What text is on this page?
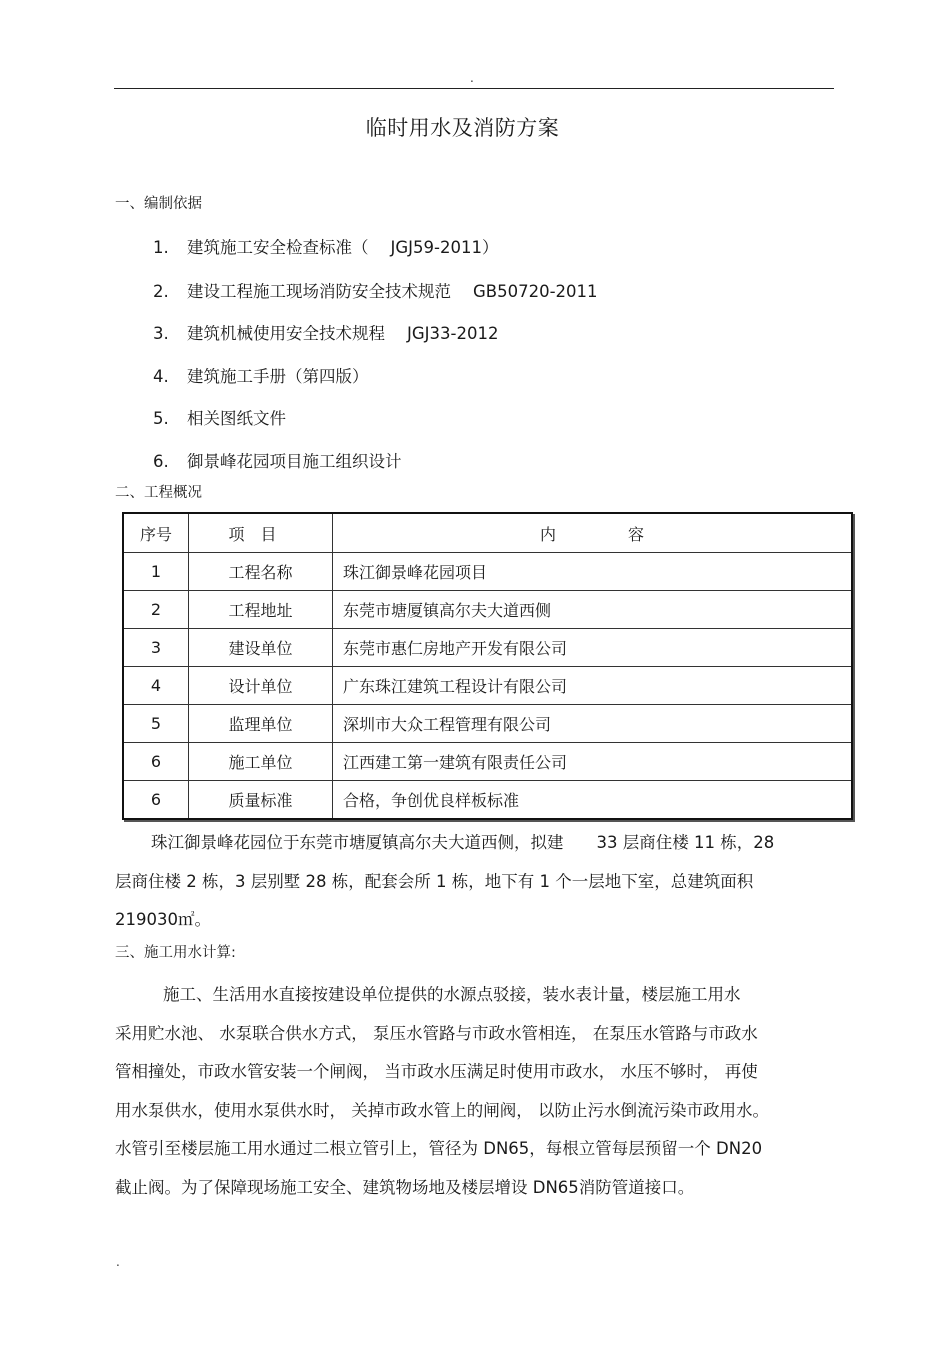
.
临时用水及消防方案
一、编制依据
1. 建筑施工安全检查标准（ JGJ59-2011）
2. 建设工程施工现场消防安全技术规范 GB50720-2011
3. 建筑机械使用安全技术规程 JGJ33-2012
4. 建筑施工手册（第四版）
5. 相关图纸文件
6. 御景峰花园项目施工组织设计
二、工程概况
序号	项目	内容
1	工程名称	珠江御景峰花园项目
2	工程地址	东莞市塘厦镇高尔夫大道西侧
3	建设单位	东莞市惠仁房地产开发有限公司
4	设计单位	广东珠江建筑工程设计有限公司
5	监理单位	深圳市大众工程管理有限公司
6	施工单位	江西建工第一建筑有限责任公司
6	质量标准	合格，争创优良样板标准
珠江御景峰花园位于东莞市塘厦镇高尔夫大道西侧，拟建　　33 层商住楼 11 栋，28
层商住楼 2 栋，3 层别墅 28 栋，配套会所 1 栋，地下有 1 个一层地下室，总建筑面积
219030㎡。
三、施工用水计算:
施工、生活用水直接按建设单位提供的水源点驳接，装水表计量，楼层施工用水
采用贮水池、 水泵联合供水方式， 泵压水管路与市政水管相连， 在泵压水管路与市政水
管相撞处，市政水管安装一个闸阀， 当市政水压满足时使用市政水， 水压不够时， 再使
用水泵供水，使用水泵供水时， 关掉市政水管上的闸阀， 以防止污水倒流污染市政用水。
水管引至楼层施工用水通过二根立管引上，管径为 DN65，每根立管每层预留一个 DN20
截止阀。为了保障现场施工安全、建筑物场地及楼层增设 DN65消防管道接口。
.
